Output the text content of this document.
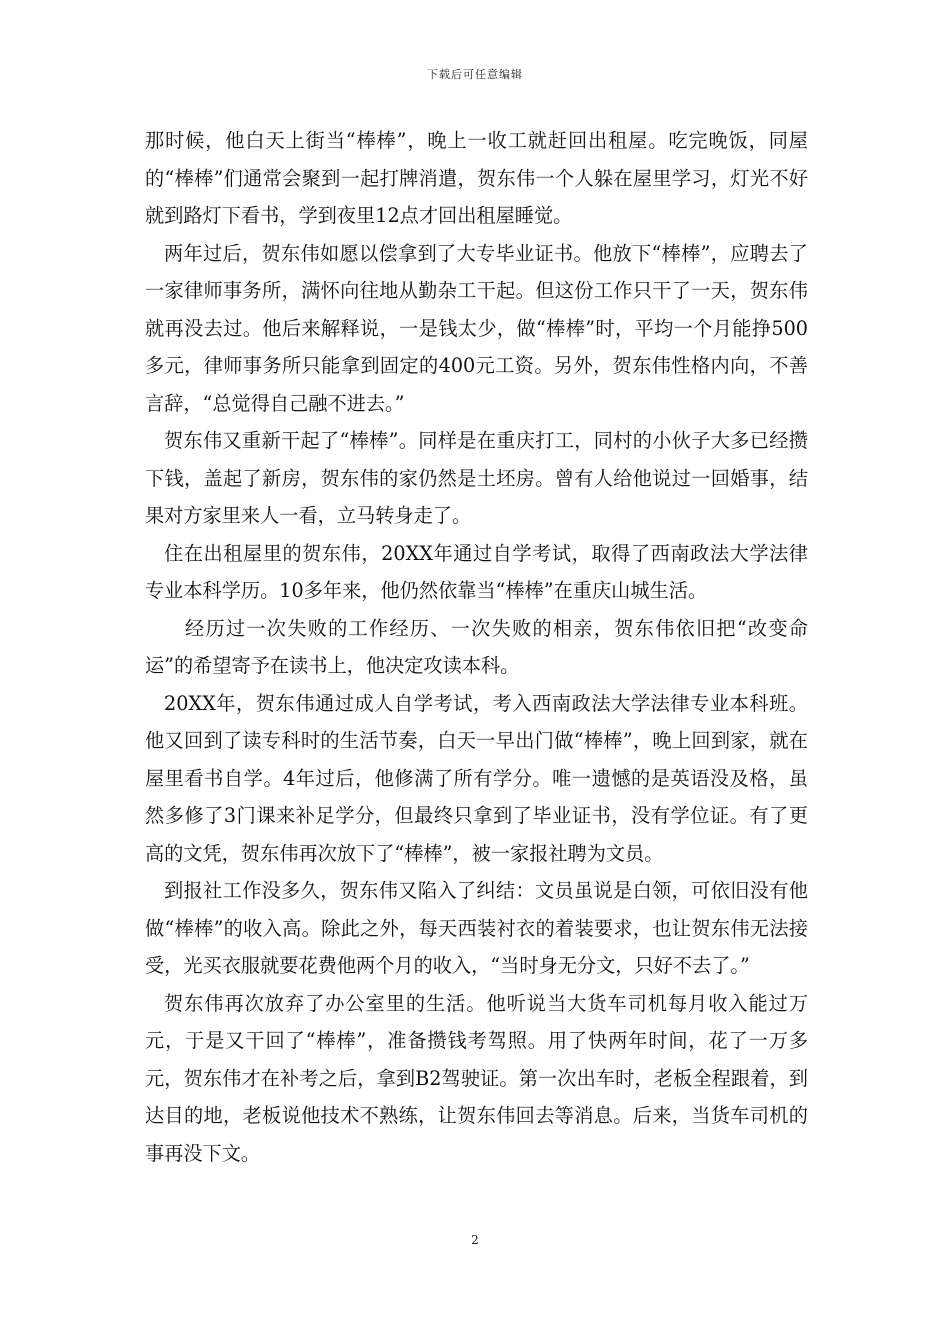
下载后可任意编辑

那时候，他白天上街当“棒棒”，晚上一收工就赶回出租屋。吃完晚饭，同屋的“棒棒”们通常会聚到一起打牌消遣，贺东伟一个人躲在屋里学习，灯光不好就到路灯下看书，学到夜里12点才回出租屋睡觉。

两年过后，贺东伟如愿以偿拿到了大专毕业证书。他放下“棒棒”，应聘去了一家律师事务所，满怀向往地从勤杂工干起。但这份工作只干了一天，贺东伟就再没去过。他后来解释说，一是钱太少，做“棒棒”时，平均一个月能挣500多元，律师事务所只能拿到固定的400元工资。另外，贺东伟性格内向，不善言辞，“总觉得自己融不进去。”

贺东伟又重新干起了“棒棒”。同样是在重庆打工，同村的小伙子大多已经攒下钱，盖起了新房，贺东伟的家仍然是土坯房。曾有人给他说过一回婚事，结果对方家里来人一看，立马转身走了。

住在出租屋里的贺东伟，20XX年通过自学考试，取得了西南政法大学法律专业本科学历。10多年来，他仍然依靠当“棒棒”在重庆山城生活。

经历过一次失败的工作经历、一次失败的相亲，贺东伟依旧把“改变命运”的希望寄予在读书上，他决定攻读本科。

20XX年，贺东伟通过成人自学考试，考入西南政法大学法律专业本科班。他又回到了读专科时的生活节奏，白天一早出门做“棒棒”，晚上回到家，就在屋里看书自学。4年过后，他修满了所有学分。唯一遗憾的是英语没及格，虽然多修了3门课来补足学分，但最终只拿到了毕业证书，没有学位证。有了更高的文凭，贺东伟再次放下了“棒棒”，被一家报社聘为文员。

到报社工作没多久，贺东伟又陷入了纠结：文员虽说是白领，可依旧没有他做“棒棒”的收入高。除此之外，每天西装衬衣的着装要求，也让贺东伟无法接受，光买衣服就要花费他两个月的收入，“当时身无分文，只好不去了。”

贺东伟再次放弃了办公室里的生活。他听说当大货车司机每月收入能过万元，于是又干回了“棒棒”，准备攒钱考驾照。用了快两年时间，花了一万多元，贺东伟才在补考之后，拿到B2驾驶证。第一次出车时，老板全程跟着，到达目的地，老板说他技术不熟练，让贺东伟回去等消息。后来，当货车司机的事再没下文。

2
